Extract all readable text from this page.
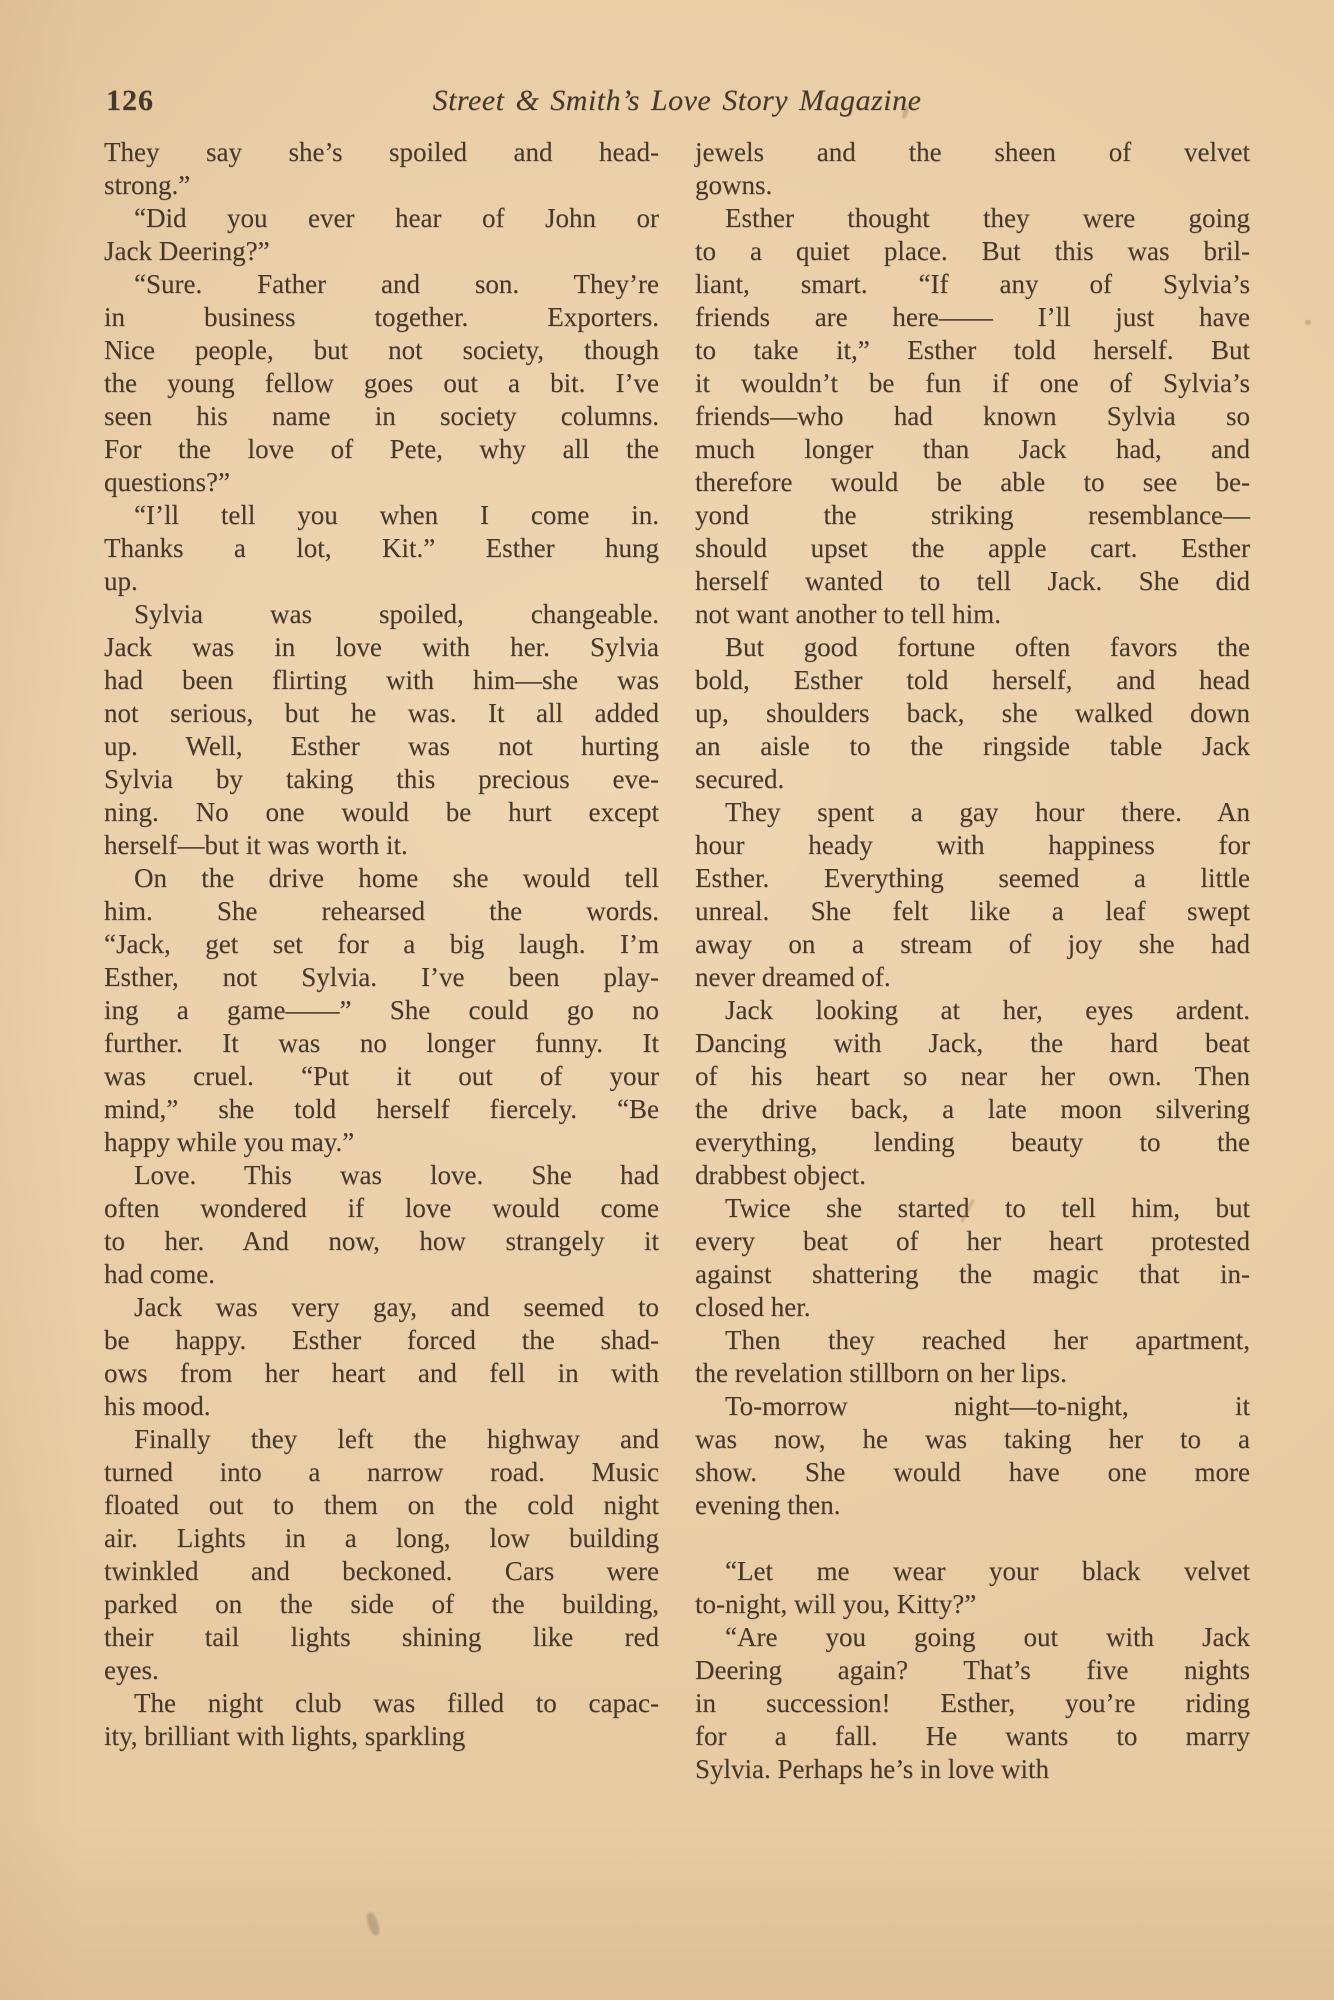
126	Street & Smith’s Love Story Magazine
They say she’s spoiled and head-
strong.”
“Did you ever hear of John or
Jack Deering?”
“Sure. Father and son. They’re
in business together. Exporters.
Nice people, but not society, though
the young fellow goes out a bit. I’ve
seen his name in society columns.
For the love of Pete, why all the
questions?”
“I’ll tell you when I come in.
Thanks a lot, Kit.” Esther hung
up.
Sylvia was spoiled, changeable.
Jack was in love with her. Sylvia
had been flirting with him—she was
not serious, but he was. It all added
up. Well, Esther was not hurting
Sylvia by taking this precious eve-
ning. No one would be hurt except
herself—but it was worth it.
On the drive home she would tell
him. She rehearsed the words.
“Jack, get set for a big laugh. I’m
Esther, not Sylvia. I’ve been play-
ing a game——” She could go no
further. It was no longer funny. It
was cruel. “Put it out of your
mind,” she told herself fiercely. “Be
happy while you may.”
Love. This was love. She had
often wondered if love would come
to her. And now, how strangely it
had come.
Jack was very gay, and seemed to
be happy. Esther forced the shad-
ows from her heart and fell in with
his mood.
Finally they left the highway and
turned into a narrow road. Music
floated out to them on the cold night
air. Lights in a long, low building
twinkled and beckoned. Cars were
parked on the side of the building,
their tail lights shining like red
eyes.
The night club was filled to capac-
ity, brilliant with lights, sparkling
jewels and the sheen of velvet
gowns.
Esther thought they were going
to a quiet place. But this was bril-
liant, smart. “If any of Sylvia’s
friends are here—— I’ll just have
to take it,” Esther told herself. But
it wouldn’t be fun if one of Sylvia’s
friends—who had known Sylvia so
much longer than Jack had, and
therefore would be able to see be-
yond the striking resemblance—
should upset the apple cart. Esther
herself wanted to tell Jack. She did
not want another to tell him.
But good fortune often favors the
bold, Esther told herself, and head
up, shoulders back, she walked down
an aisle to the ringside table Jack
secured.
They spent a gay hour there. An
hour heady with happiness for
Esther. Everything seemed a little
unreal. She felt like a leaf swept
away on a stream of joy she had
never dreamed of.
Jack looking at her, eyes ardent.
Dancing with Jack, the hard beat
of his heart so near her own. Then
the drive back, a late moon silvering
everything, lending beauty to the
drabbest object.
Twice she started to tell him, but
every beat of her heart protested
against shattering the magic that in-
closed her.
Then they reached her apartment,
the revelation stillborn on her lips.
To-morrow night—to-night, it
was now, he was taking her to a
show. She would have one more
evening then.
“Let me wear your black velvet
to-night, will you, Kitty?”
“Are you going out with Jack
Deering again? That’s five nights
in succession! Esther, you’re riding
for a fall. He wants to marry
Sylvia. Perhaps he’s in love with
